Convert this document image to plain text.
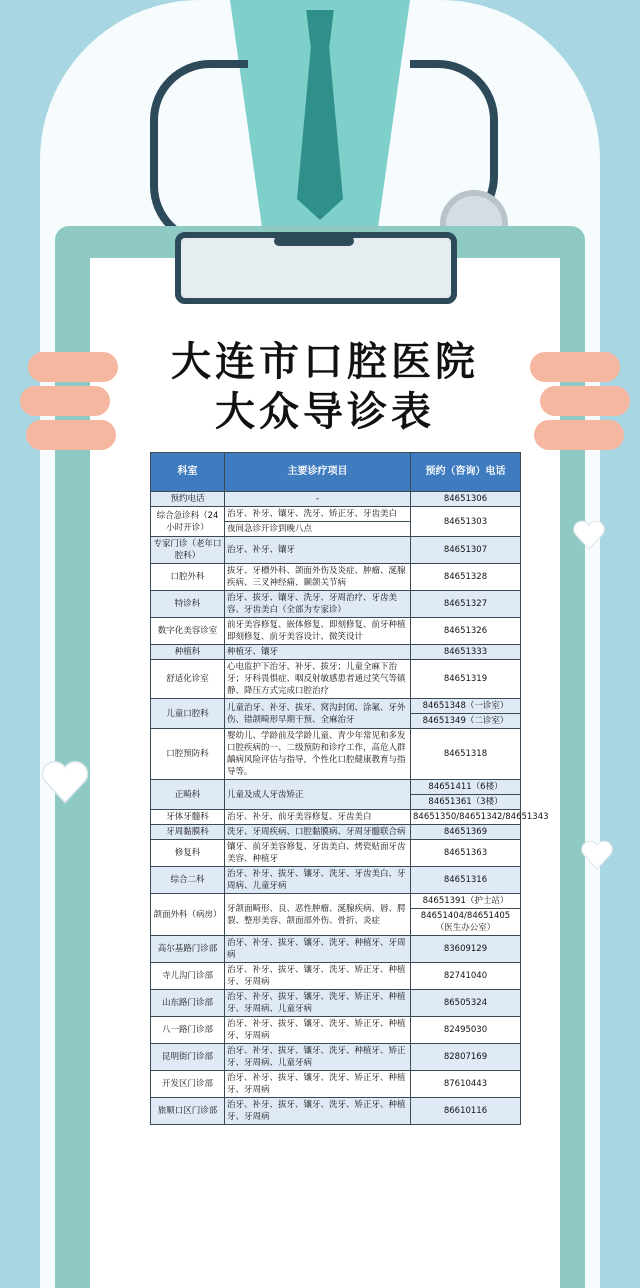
大连市口腔医院
大众导诊表
科室	主要诊疗项目	预约（咨询）电话
预约电话	-	84651306
综合急诊科（24小时开诊）	治牙、补牙、镶牙、洗牙、矫正牙、牙齿美白	84651303
	夜间急诊开诊到晚八点	
专家门诊（老年口腔科）	治牙、补牙、镶牙	84651307
口腔外科	拔牙、牙槽外科、颌面外伤及炎症、肿瘤、涎腺疾病、三叉神经痛、颞颌关节病	84651328
特诊科	治牙、拔牙、镶牙、洗牙、牙周治疗、牙齿美容、牙齿美白（全部为专家诊）	84651327
数字化美容诊室	前牙美容修复、嵌体修复、即刻修复、前牙种植即刻修复、前牙美容设计、微笑设计	84651326
种植科	种植牙、镶牙	84651333
舒适化诊室	心电监护下治牙、补牙、拔牙；儿童全麻下治牙；牙科畏惧症、咽反射敏感患者通过笑气等镇静、降压方式完成口腔治疗	84651319
儿童口腔科	儿童治牙、补牙、拔牙、窝沟封闭、涂氟、牙外伤、错颌畸形早期干预、全麻治牙	84651348（一诊室）
		84651349（二诊室）
口腔预防科	婴幼儿、学龄前及学龄儿童、青少年常见和多发口腔疾病的一、二级预防和诊疗工作，高危人群龋病风险评估与指导，个性化口腔健康教育与指导等。	84651318
正畸科	儿童及成人牙齿矫正	84651411（6楼）
		84651361（3楼）
牙体牙髓科	治牙、补牙、前牙美容修复、牙齿美白	84651350/84651342/84651343
牙周黏膜科	洗牙、牙周疾病、口腔黏膜病、牙周牙髓联合病	84651369
修复科	镶牙、前牙美容修复、牙齿美白、烤瓷贴面牙齿美容、种植牙	84651363
综合二科	治牙、补牙、拔牙、镶牙、洗牙、牙齿美白、牙周病、儿童牙病	84651316
颌面外科（病房）	牙颌面畸形、良、恶性肿瘤、涎腺疾病、唇、腭裂、整形美容、颌面部外伤、骨折、炎症	84651391（护士站）
		84651404/84651405（医生办公室）
高尔基路门诊部	治牙、补牙、拔牙、镶牙、洗牙、种植牙、牙周病	83609129
寺儿沟门诊部	治牙、补牙、拔牙、镶牙、洗牙、矫正牙、种植牙、牙周病	82741040
山东路门诊部	治牙、补牙、拔牙、镶牙、洗牙、矫正牙、种植牙、牙周病、儿童牙病	86505324
八一路门诊部	治牙、补牙、拔牙、镶牙、洗牙、矫正牙、种植牙、牙周病	82495030
昆明街门诊部	治牙、补牙、拔牙、镶牙、洗牙、种植牙、矫正牙、牙周病、儿童牙病	82807169
开发区门诊部	治牙、补牙、拔牙、镶牙、洗牙、矫正牙、种植牙、牙周病	87610443
旅顺口区门诊部	治牙、补牙、拔牙、镶牙、洗牙、矫正牙、种植牙、牙周病	86610116
